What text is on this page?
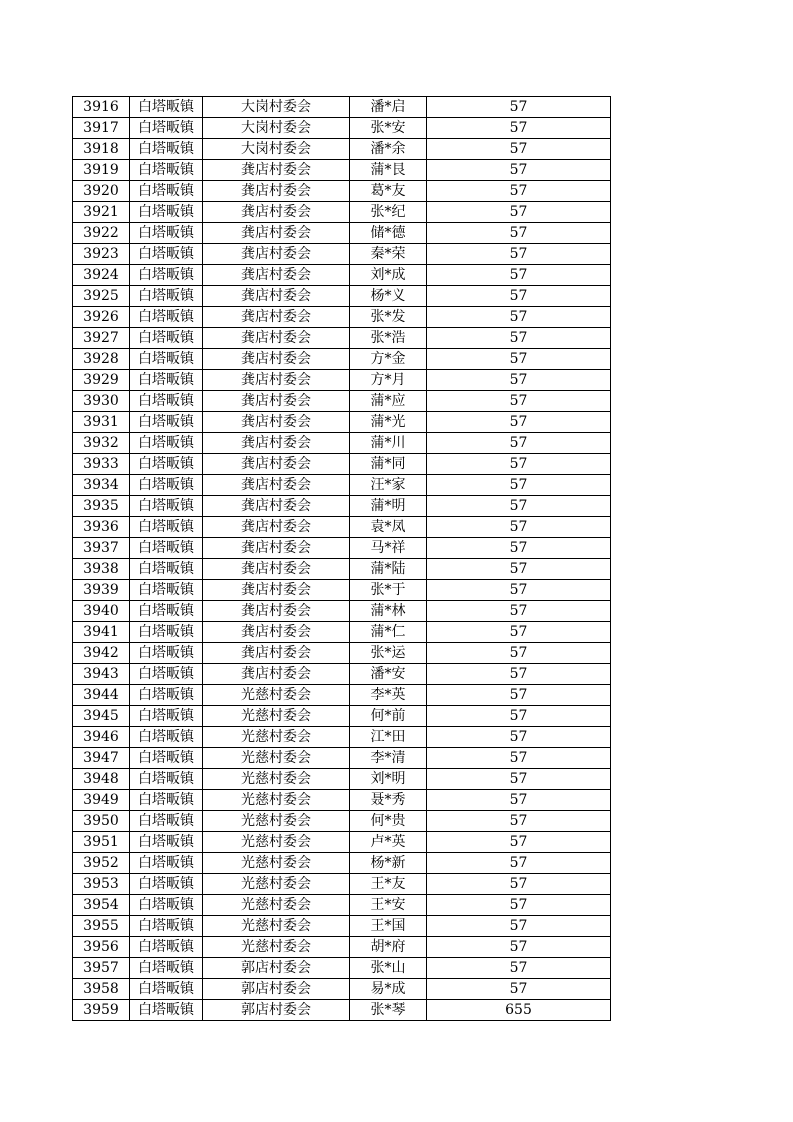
3916	白塔畈镇	大岗村委会	潘*启	57
3917	白塔畈镇	大岗村委会	张*安	57
3918	白塔畈镇	大岗村委会	潘*余	57
3919	白塔畈镇	龚店村委会	蒲*艮	57
3920	白塔畈镇	龚店村委会	葛*友	57
3921	白塔畈镇	龚店村委会	张*纪	57
3922	白塔畈镇	龚店村委会	储*德	57
3923	白塔畈镇	龚店村委会	秦*荣	57
3924	白塔畈镇	龚店村委会	刘*成	57
3925	白塔畈镇	龚店村委会	杨*义	57
3926	白塔畈镇	龚店村委会	张*发	57
3927	白塔畈镇	龚店村委会	张*浩	57
3928	白塔畈镇	龚店村委会	方*金	57
3929	白塔畈镇	龚店村委会	方*月	57
3930	白塔畈镇	龚店村委会	蒲*应	57
3931	白塔畈镇	龚店村委会	蒲*光	57
3932	白塔畈镇	龚店村委会	蒲*川	57
3933	白塔畈镇	龚店村委会	蒲*同	57
3934	白塔畈镇	龚店村委会	汪*家	57
3935	白塔畈镇	龚店村委会	蒲*明	57
3936	白塔畈镇	龚店村委会	袁*凤	57
3937	白塔畈镇	龚店村委会	马*祥	57
3938	白塔畈镇	龚店村委会	蒲*陆	57
3939	白塔畈镇	龚店村委会	张*于	57
3940	白塔畈镇	龚店村委会	蒲*林	57
3941	白塔畈镇	龚店村委会	蒲*仁	57
3942	白塔畈镇	龚店村委会	张*运	57
3943	白塔畈镇	龚店村委会	潘*安	57
3944	白塔畈镇	光慈村委会	李*英	57
3945	白塔畈镇	光慈村委会	何*前	57
3946	白塔畈镇	光慈村委会	江*田	57
3947	白塔畈镇	光慈村委会	李*清	57
3948	白塔畈镇	光慈村委会	刘*明	57
3949	白塔畈镇	光慈村委会	聂*秀	57
3950	白塔畈镇	光慈村委会	何*贵	57
3951	白塔畈镇	光慈村委会	卢*英	57
3952	白塔畈镇	光慈村委会	杨*新	57
3953	白塔畈镇	光慈村委会	王*友	57
3954	白塔畈镇	光慈村委会	王*安	57
3955	白塔畈镇	光慈村委会	王*国	57
3956	白塔畈镇	光慈村委会	胡*府	57
3957	白塔畈镇	郭店村委会	张*山	57
3958	白塔畈镇	郭店村委会	易*成	57
3959	白塔畈镇	郭店村委会	张*琴	655
